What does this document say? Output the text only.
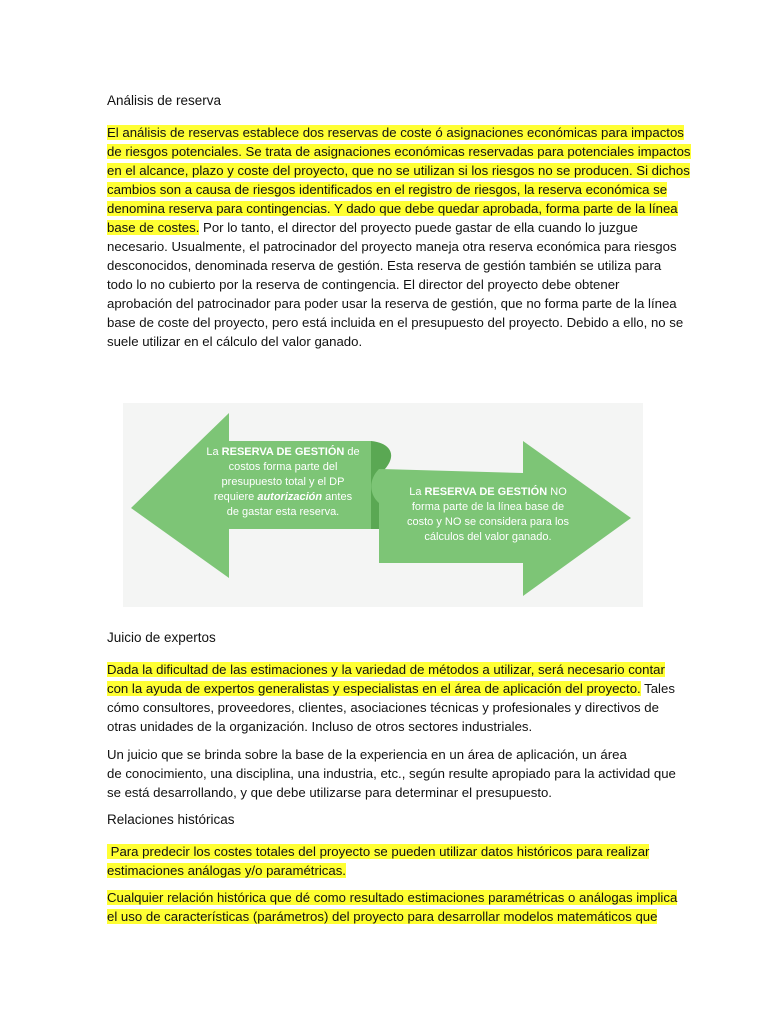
Análisis de reserva

El análisis de reservas establece dos reservas de coste ó asignaciones económicas para impactos
de riesgos potenciales. Se trata de asignaciones económicas reservadas para potenciales impactos
en el alcance, plazo y coste del proyecto, que no se utilizan si los riesgos no se producen. Si dichos
cambios son a causa de riesgos identificados en el registro de riesgos, la reserva económica se
denomina reserva para contingencias. Y dado que debe quedar aprobada, forma parte de la línea
base de costes. Por lo tanto, el director del proyecto puede gastar de ella cuando lo juzgue
necesario. Usualmente, el patrocinador del proyecto maneja otra reserva económica para riesgos
desconocidos, denominada reserva de gestión. Esta reserva de gestión también se utiliza para
todo lo no cubierto por la reserva de contingencia. El director del proyecto debe obtener
aprobación del patrocinador para poder usar la reserva de gestión, que no forma parte de la línea
base de coste del proyecto, pero está incluida en el presupuesto del proyecto. Debido a ello, no se
suele utilizar en el cálculo del valor ganado.

La RESERVA DE GESTIÓN de
costos forma parte del
presupuesto total y el DP
requiere autorización antes
de gastar esta reserva.
La RESERVA DE GESTIÓN NO
forma parte de la línea base de
costo y NO se considera para los
cálculos del valor ganado.
Juicio de expertos

Dada la dificultad de las estimaciones y la variedad de métodos a utilizar, será necesario contar
con la ayuda de expertos generalistas y especialistas en el área de aplicación del proyecto. Tales
cómo consultores, proveedores, clientes, asociaciones técnicas y profesionales y directivos de
otras unidades de la organización. Incluso de otros sectores industriales.

Un juicio que se brinda sobre la base de la experiencia en un área de aplicación, un área
de conocimiento, una disciplina, una industria, etc., según resulte apropiado para la actividad que
se está desarrollando, y que debe utilizarse para determinar el presupuesto.

Relaciones históricas

Para predecir los costes totales del proyecto se pueden utilizar datos históricos para realizar
estimaciones análogas y/o paramétricas.

Cualquier relación histórica que dé como resultado estimaciones paramétricas o análogas implica
el uso de características (parámetros) del proyecto para desarrollar modelos matemáticos que
